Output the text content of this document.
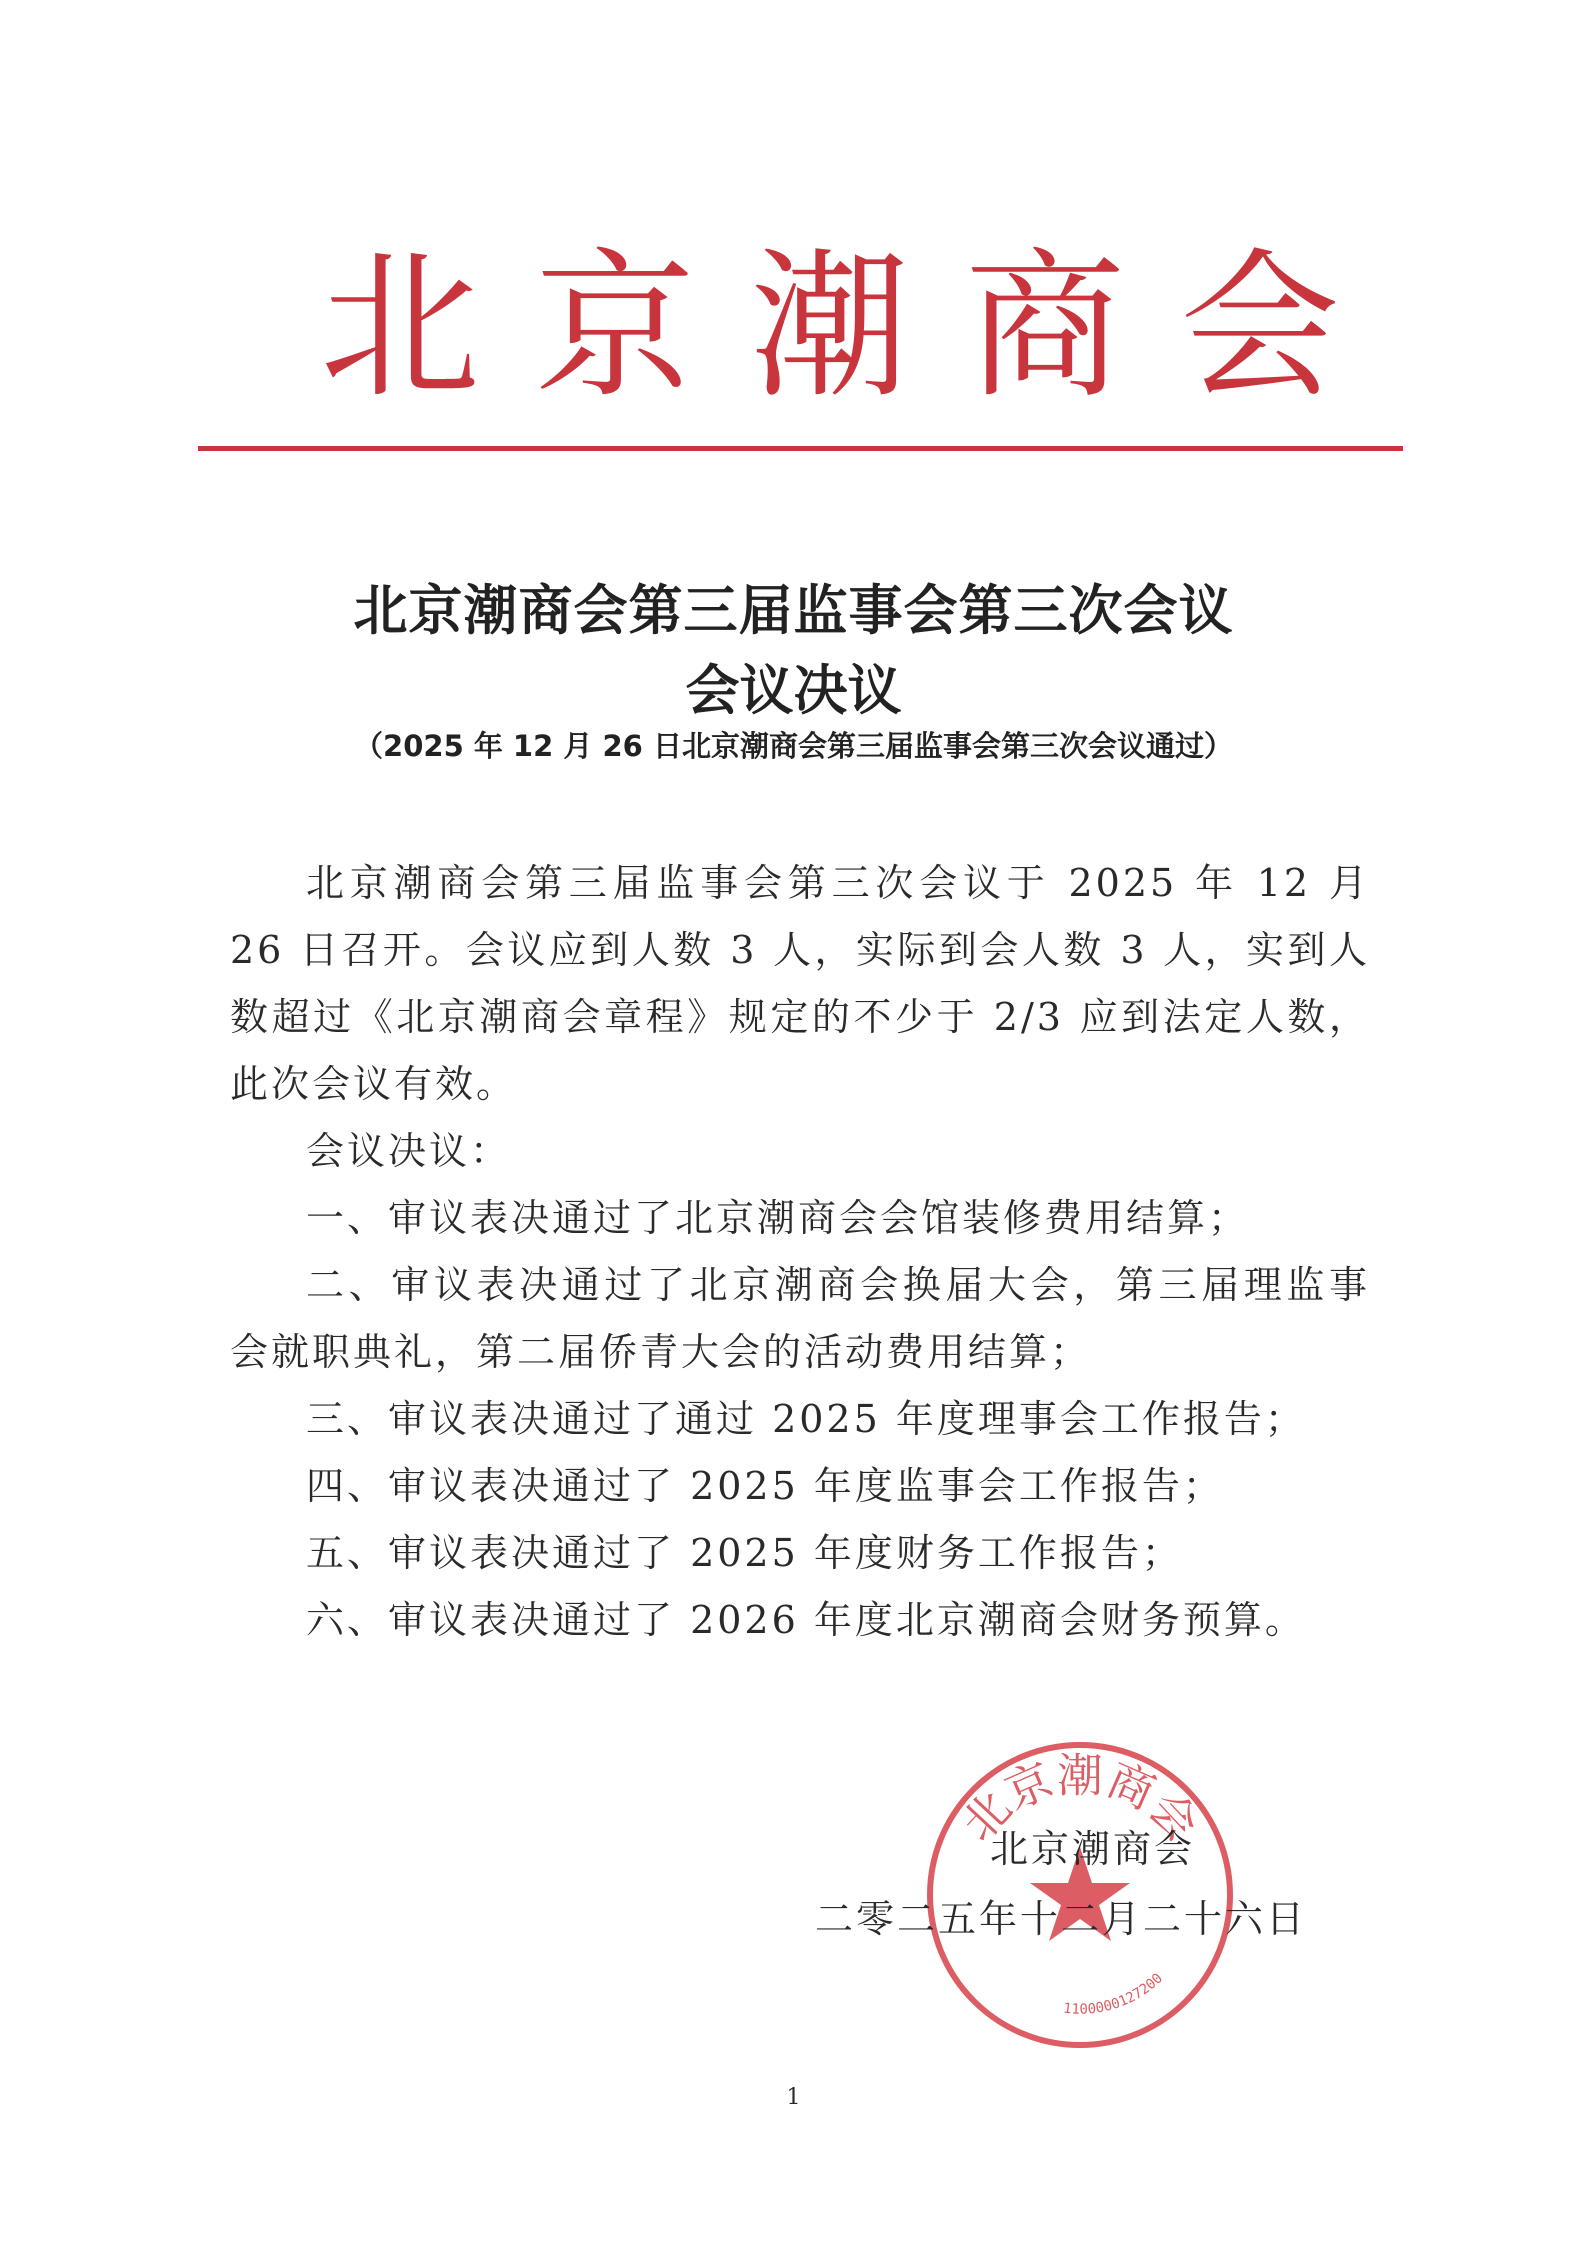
北 京 潮 商 会
北京潮商会第三届监事会第三次会议
会议决议
（2025 年 12 月 26 日北京潮商会第三届监事会第三次会议通过）

北京潮商会第三届监事会第三次会议于 2025 年 12 月 26 日召开。会议应到人数 3 人，实际到会人数 3 人，实到人数超过《北京潮商会章程》规定的不少于 2/3 应到法定人数，此次会议有效。

会议决议：

一、审议表决通过了北京潮商会会馆装修费用结算；

二、审议表决通过了北京潮商会换届大会，第三届理监事会就职典礼，第二届侨青大会的活动费用结算；

三、审议表决通过了通过 2025 年度理事会工作报告；

四、审议表决通过了 2025 年度监事会工作报告；

五、审议表决通过了 2025 年度财务工作报告；

六、审议表决通过了 2026 年度北京潮商会财务预算。

北京潮商会
1100000127200
北京潮商会
二零二五年十二月二十六日
1
